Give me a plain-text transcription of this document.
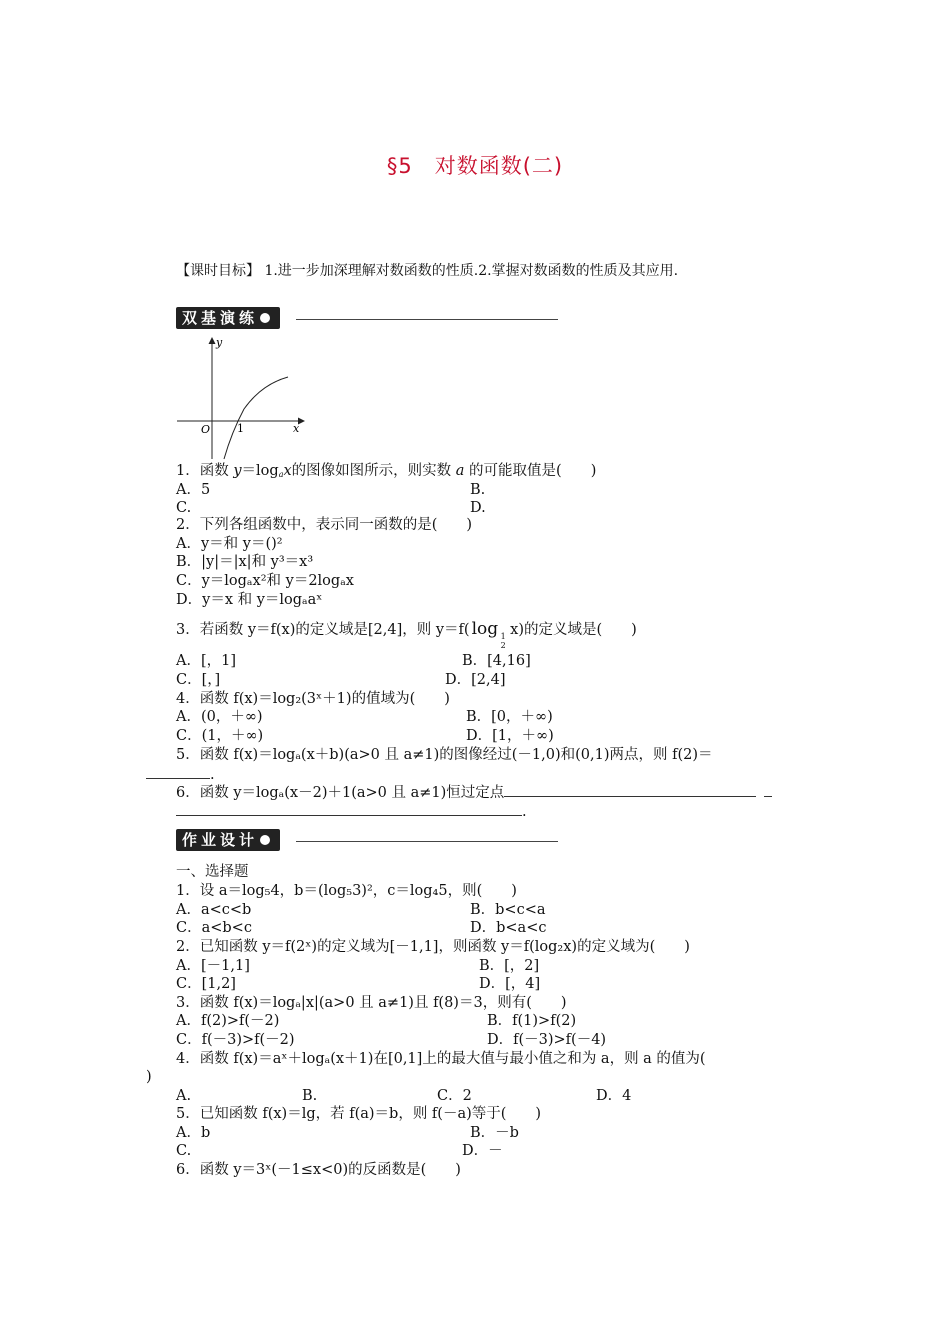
§5　对数函数(二)
【课时目标】 1.进一步加深理解对数函数的性质.2.掌握对数函数的性质及其应用.
双基演练
y
x
O 1
1．函数 $y=\log_ax$的图像如图所示，则实数 a 的可能取值是(　　)
A．5	B.
C.	D.
2．下列各组函数中，表示同一函数的是(　　)
A．y＝和 y＝()²
B．|y|＝|x|和 y³＝x³
C．y＝logₐx²和 y＝2logₐx
D．y＝x 和 y＝logₐaˣ
3．若函数 y＝f(x)的定义域是[2,4]，则 y＝f( log 1
2
x)的定义域是(　　)
A．[，1]	B．[4,16]
C．[，]	D．[2,4]
4．函数 f(x)＝log₂(3ˣ＋1)的值域为(　　)
A．(0，＋∞)	B．[0，＋∞)
C．(1，＋∞)	D．[1，＋∞)
5．函数 f(x)＝logₐ(x＋b)(a>0 且 a≠1)的图像经过(－1,0)和(0,1)两点，则 f(2)＝
.
6．函数 y＝logₐ(x－2)＋1(a>0 且 a≠1)恒过定点
.
作业设计
一、选择题
1．设 a＝log₅4，b＝(log₅3)²，c＝log₄5，则(　　)
A．a<c<b	B．b<c<a
C．a<b<c	D．b<a<c
2．已知函数 y＝f(2ˣ)的定义域为[－1,1]，则函数 y＝f(log₂x)的定义域为(　　)
A．[－1,1]	B．[，2]
C．[1,2]	D．[，4]
3．函数 f(x)＝logₐ|x|(a>0 且 a≠1)且 f(8)＝3，则有(　　)
A．f(2)>f(－2)	B．f(1)>f(2)
C．f(－3)>f(－2)	D．f(－3)>f(－4)
4．函数 f(x)＝aˣ＋logₐ(x＋1)在[0,1]上的最大值与最小值之和为 a，则 a 的值为(
)
A.	B.	C．2	D．4
5．已知函数 f(x)＝lg，若 f(a)＝b，则 f(－a)等于(　　)
A．b	B．－b
C.	D．－
6．函数 y＝3ˣ(－1≤x<0)的反函数是(　　)
